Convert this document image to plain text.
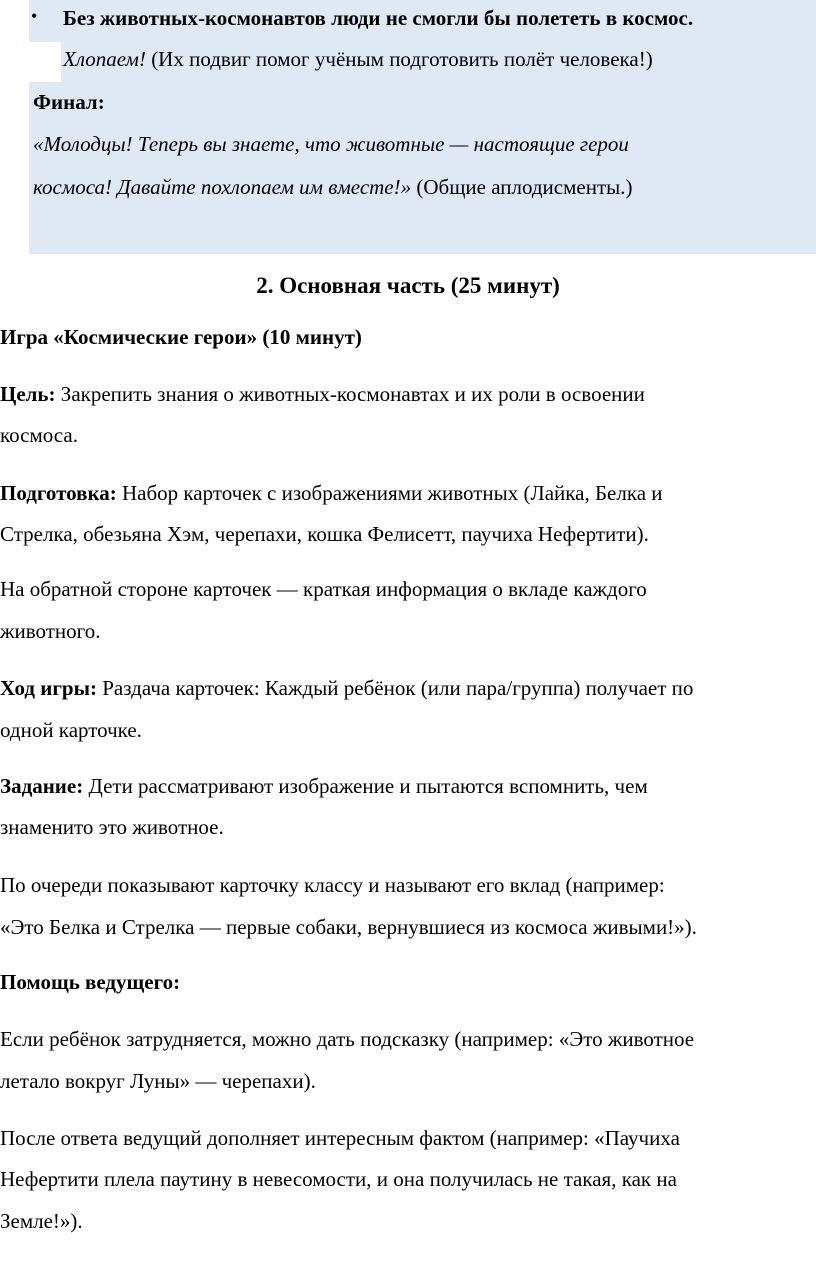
• Без животных-космонавтов люди не смогли бы полететь в космос.
Хлопаем! (Их подвиг помог учёным подготовить полёт человека!)
Финал:
«Молодцы! Теперь вы знаете, что животные — настоящие герои
космоса! Давайте похлопаем им вместе!» (Общие аплодисменты.)
2. Основная часть (25 минут)
Игра «Космические герои» (10 минут)
Цель: Закрепить знания о животных-космонавтах и их роли в освоении
космоса.
Подготовка: Набор карточек с изображениями животных (Лайка, Белка и
Стрелка, обезьяна Хэм, черепахи, кошка Фелисетт, паучиха Нефертити).
На обратной стороне карточек — краткая информация о вкладе каждого
животного.
Ход игры: Раздача карточек: Каждый ребёнок (или пара/группа) получает по
одной карточке.
Задание: Дети рассматривают изображение и пытаются вспомнить, чем
знаменито это животное.
По очереди показывают карточку классу и называют его вклад (например:
«Это Белка и Стрелка — первые собаки, вернувшиеся из космоса живыми!»).
Помощь ведущего:
Если ребёнок затрудняется, можно дать подсказку (например: «Это животное
летало вокруг Луны» — черепахи).
После ответа ведущий дополняет интересным фактом (например: «Паучиха
Нефертити плела паутину в невесомости, и она получилась не такая, как на
Земле!»).
